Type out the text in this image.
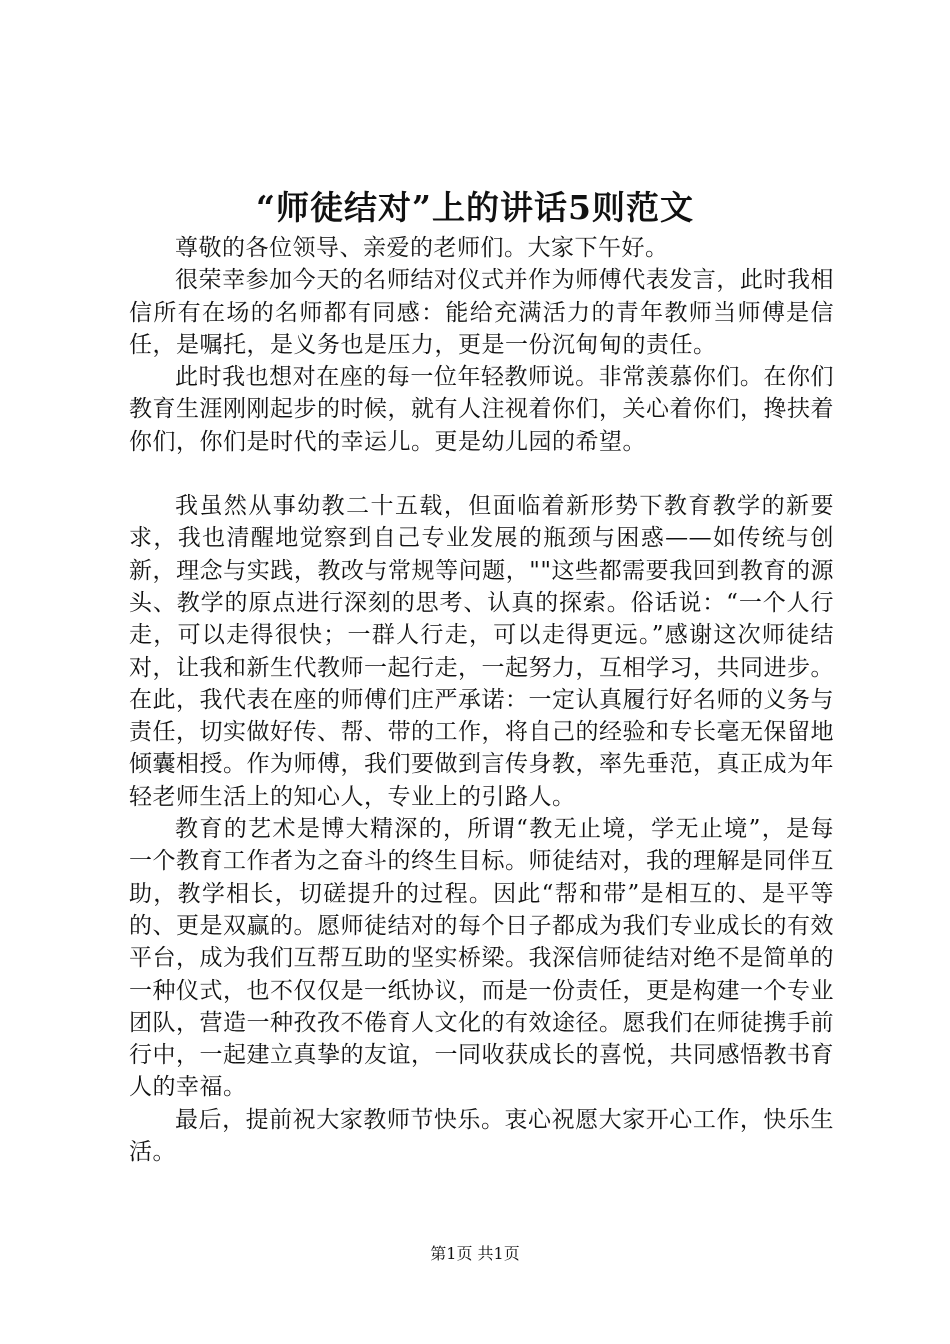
“师徒结对”上的讲话5则范文

尊敬的各位领导、亲爱的老师们。大家下午好。

很荣幸参加今天的名师结对仪式并作为师傅代表发言，此时我相信所有在场的名师都有同感：能给充满活力的青年教师当师傅是信任，是嘱托，是义务也是压力，更是一份沉甸甸的责任。

此时我也想对在座的每一位年轻教师说。非常羡慕你们。在你们教育生涯刚刚起步的时候，就有人注视着你们，关心着你们，搀扶着你们，你们是时代的幸运儿。更是幼儿园的希望。

我虽然从事幼教二十五载，但面临着新形势下教育教学的新要求，我也清醒地觉察到自己专业发展的瓶颈与困惑——如传统与创新，理念与实践，教改与常规等问题，""这些都需要我回到教育的源头、教学的原点进行深刻的思考、认真的探索。俗话说：“一个人行走，可以走得很快；一群人行走，可以走得更远。”感谢这次师徒结对，让我和新生代教师一起行走，一起努力，互相学习，共同进步。在此，我代表在座的师傅们庄严承诺：一定认真履行好名师的义务与责任，切实做好传、帮、带的工作，将自己的经验和专长毫无保留地倾囊相授。作为师傅，我们要做到言传身教，率先垂范，真正成为年轻老师生活上的知心人，专业上的引路人。

教育的艺术是博大精深的，所谓“教无止境，学无止境”，是每一个教育工作者为之奋斗的终生目标。师徒结对，我的理解是同伴互助，教学相长，切磋提升的过程。因此“帮和带”是相互的、是平等的、更是双赢的。愿师徒结对的每个日子都成为我们专业成长的有效平台，成为我们互帮互助的坚实桥梁。我深信师徒结对绝不是简单的一种仪式，也不仅仅是一纸协议，而是一份责任，更是构建一个专业团队，营造一种孜孜不倦育人文化的有效途径。愿我们在师徒携手前行中，一起建立真挚的友谊，一同收获成长的喜悦，共同感悟教书育人的幸福。

最后，提前祝大家教师节快乐。衷心祝愿大家开心工作，快乐生活。

第1页 共1页
